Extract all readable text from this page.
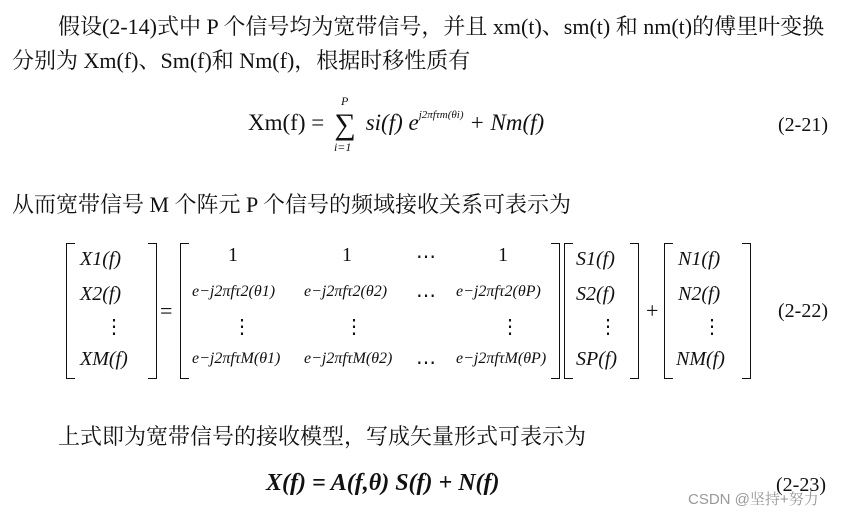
假设(2-14)式中 P 个信号均为宽带信号，并且 xm(t)、sm(t) 和 nm(t)的傅里叶变换
分别为 Xm(f)、Sm(f)和 Nm(f)，根据时移性质有
Xm(f) = ∑
P
i=1
si(f) $e^{j2\pi f\tau m(\theta i)} + Nm(f)$	(2-21)
从而宽带信号 M 个阵元 P 个信号的频域接收关系可表示为
X1(f)
X2(f)
⋮
XM(f)
=
1	1	⋯	1
e−j2πfτ2(θ1) e−j2πfτ2(θ2) ⋯ e−j2πfτ2(θP)
⋮	⋮	⋮
e−j2πfτM(θ1) e−j2πfτM(θ2) ⋯ e−j2πfτM(θP)
S1(f)
S2(f)
⋮
SP(f)
+
N1(f)
N2(f)
⋮
NM(f)
(2-22)
上式即为宽带信号的接收模型，写成矢量形式可表示为
X(f) = A(f,θ) S(f) + N(f)	(2-23)
CSDN @坚持+努力
